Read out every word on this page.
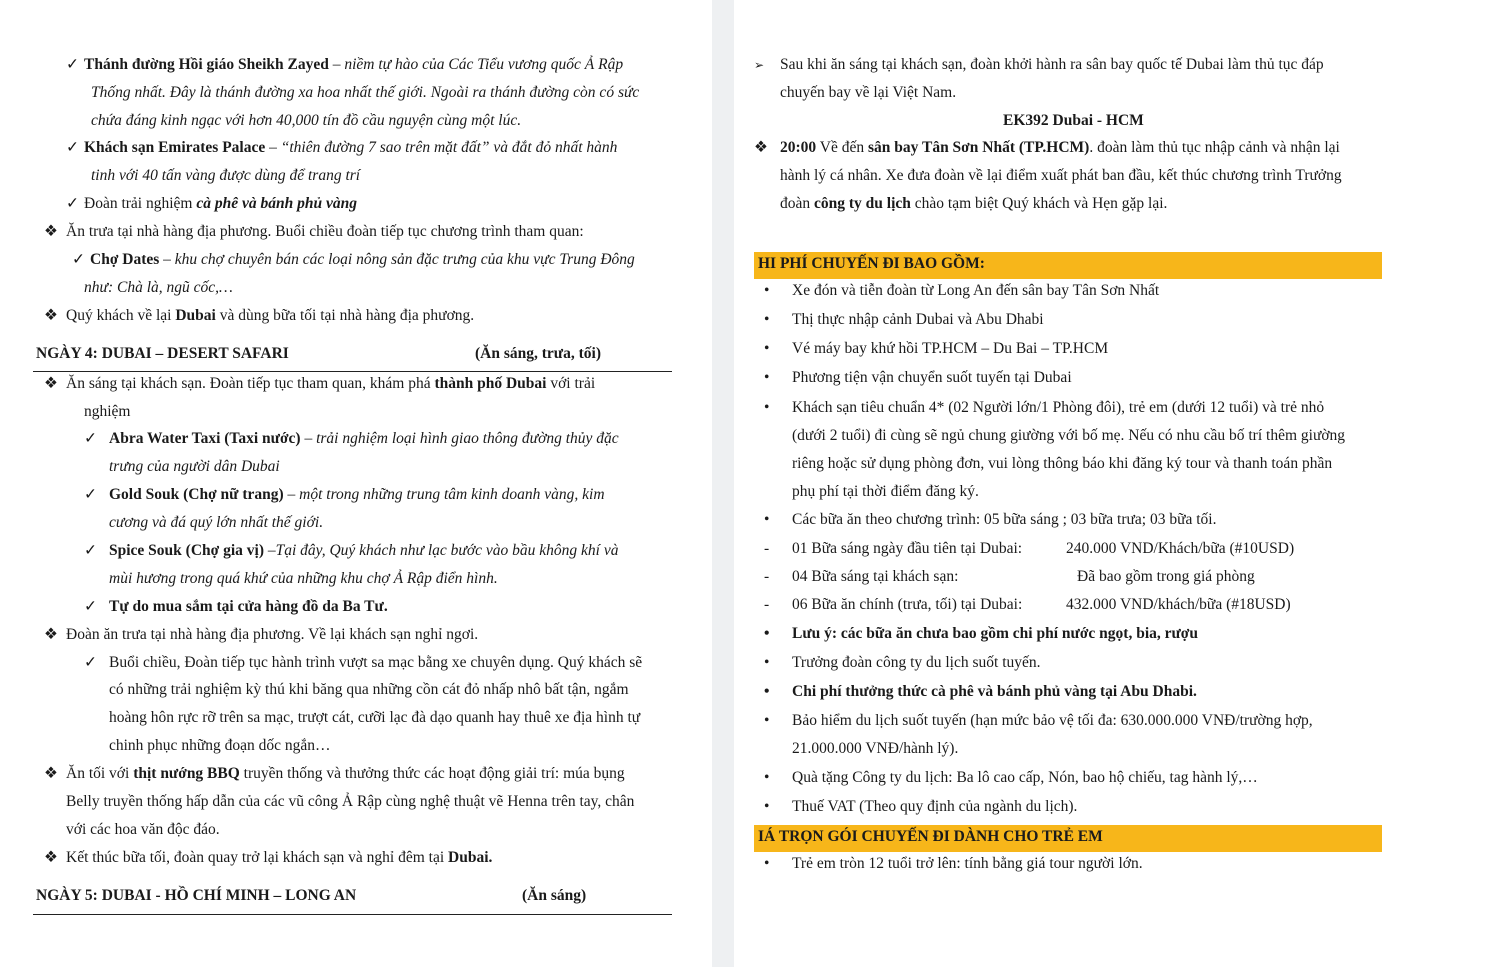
✓ Thánh đường Hồi giáo Sheikh Zayed – niềm tự hào của Các Tiểu vương quốc Ả Rập
Thống nhất. Đây là thánh đường xa hoa nhất thế giới. Ngoài ra thánh đường còn có sức
chứa đáng kinh ngạc với hơn 40,000 tín đồ cầu nguyện cùng một lúc.
✓ Khách sạn Emirates Palace – “thiên đường 7 sao trên mặt đất” và đắt đỏ nhất hành
tinh với 40 tấn vàng được dùng để trang trí
✓ Đoàn trải nghiệm cà phê và bánh phủ vàng
❖ Ăn trưa tại nhà hàng địa phương. Buổi chiều đoàn tiếp tục chương trình tham quan:
✓ Chợ Dates – khu chợ chuyên bán các loại nông sản đặc trưng của khu vực Trung Đông
như: Chà là, ngũ cốc,…
❖ Quý khách về lại Dubai và dùng bữa tối tại nhà hàng địa phương.
NGÀY 4: DUBAI – DESERT SAFARI	(Ăn sáng, trưa, tối)
❖ Ăn sáng tại khách sạn. Đoàn tiếp tục tham quan, khám phá thành phố Dubai với trải
nghiệm
✓ Abra Water Taxi (Taxi nước) – trải nghiệm loại hình giao thông đường thủy đặc
trưng của người dân Dubai
✓ Gold Souk (Chợ nữ trang) – một trong những trung tâm kinh doanh vàng, kim
cương và đá quý lớn nhất thế giới.
✓ Spice Souk (Chợ gia vị) –Tại đây, Quý khách như lạc bước vào bầu không khí và
mùi hương trong quá khứ của những khu chợ Ả Rập điển hình.
✓ Tự do mua sắm tại cửa hàng đồ da Ba Tư.
❖ Đoàn ăn trưa tại nhà hàng địa phương. Về lại khách sạn nghỉ ngơi.
✓ Buổi chiều, Đoàn tiếp tục hành trình vượt sa mạc bằng xe chuyên dụng. Quý khách sẽ
có những trải nghiệm kỳ thú khi băng qua những cồn cát đỏ nhấp nhô bất tận, ngắm
hoàng hôn rực rỡ trên sa mạc, trượt cát, cưỡi lạc đà dạo quanh hay thuê xe địa hình tự
chinh phục những đoạn dốc ngắn…
❖ Ăn tối với thịt nướng BBQ truyền thống và thưởng thức các hoạt động giải trí: múa bụng
Belly truyền thống hấp dẫn của các vũ công Ả Rập cùng nghệ thuật vẽ Henna trên tay, chân
với các hoa văn độc đáo.
❖ Kết thúc bữa tối, đoàn quay trở lại khách sạn và nghỉ đêm tại Dubai.
NGÀY 5: DUBAI - HỒ CHÍ MINH – LONG AN	(Ăn sáng)
➢ Sau khi ăn sáng tại khách sạn, đoàn khởi hành ra sân bay quốc tế Dubai làm thủ tục đáp
chuyến bay về lại Việt Nam.
EK392 Dubai - HCM
❖ 20:00 Về đến sân bay Tân Sơn Nhất (TP.HCM). đoàn làm thủ tục nhập cảnh và nhận lại
hành lý cá nhân. Xe đưa đoàn về lại điểm xuất phát ban đầu, kết thúc chương trình Trưởng
đoàn công ty du lịch chào tạm biệt Quý khách và Hẹn gặp lại.
HI PHÍ CHUYẾN ĐI BAO GỒM:
• Xe đón và tiễn đoàn từ Long An đến sân bay Tân Sơn Nhất
• Thị thực nhập cảnh Dubai và Abu Dhabi
• Vé máy bay khứ hồi TP.HCM – Du Bai – TP.HCM
• Phương tiện vận chuyển suốt tuyến tại Dubai
• Khách sạn tiêu chuẩn 4* (02 Người lớn/1 Phòng đôi), trẻ em (dưới 12 tuổi) và trẻ nhỏ
(dưới 2 tuổi) đi cùng sẽ ngủ chung giường với bố mẹ. Nếu có nhu cầu bố trí thêm giường
riêng hoặc sử dụng phòng đơn, vui lòng thông báo khi đăng ký tour và thanh toán phần
phụ phí tại thời điểm đăng ký.
• Các bữa ăn theo chương trình: 05 bữa sáng ; 03 bữa trưa; 03 bữa tối.
- 01 Bữa sáng ngày đầu tiên tại Dubai:	240.000 VND/Khách/bữa (#10USD)
- 04 Bữa sáng tại khách sạn:	Đã bao gồm trong giá phòng
- 06 Bữa ăn chính (trưa, tối) tại Dubai:	432.000 VND/khách/bữa (#18USD)
• Lưu ý: các bữa ăn chưa bao gồm chi phí nước ngọt, bia, rượu
• Trưởng đoàn công ty du lịch suốt tuyến.
• Chi phí thưởng thức cà phê và bánh phủ vàng tại Abu Dhabi.
• Bảo hiểm du lịch suốt tuyến (hạn mức bảo vệ tối đa: 630.000.000 VNĐ/trường hợp,
21.000.000 VNĐ/hành lý).
• Quà tặng Công ty du lịch: Ba lô cao cấp, Nón, bao hộ chiếu, tag hành lý,…
• Thuế VAT (Theo quy định của ngành du lịch).
IÁ TRỌN GÓI CHUYẾN ĐI DÀNH CHO TRẺ EM
• Trẻ em tròn 12 tuổi trở lên: tính bằng giá tour người lớn.
